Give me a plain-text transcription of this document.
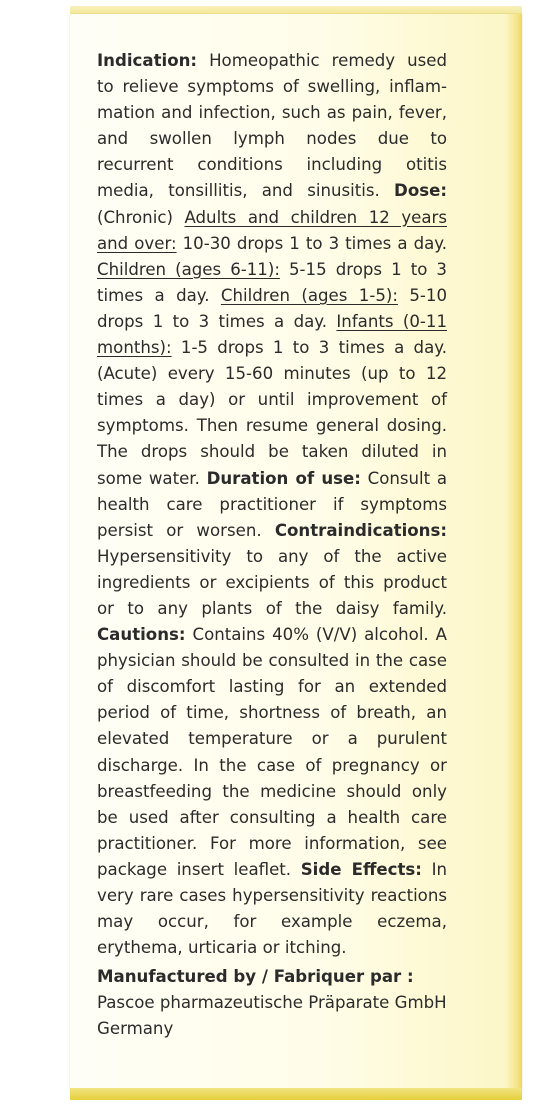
Indication: Homeopathic remedy used to relieve symptoms of swelling, inflammation and infection, such as pain, fever, and swollen lymph nodes due to recurrent conditions including otitis media, tonsillitis, and sinusitis. Dose: (Chronic) Adults and children 12 years and over: 10-30 drops 1 to 3 times a day. Children (ages 6-11): 5-15 drops 1 to 3 times a day. Children (ages 1-5): 5-10 drops 1 to 3 times a day. Infants (0-11 months): 1-5 drops 1 to 3 times a day. (Acute) every 15-60 minutes (up to 12 times a day) or until improvement of symptoms. Then resume general dosing. The drops should be taken diluted in some water. Duration of use: Consult a health care practitioner if symptoms persist or worsen. Contraindications: Hypersensitivity to any of the active ingredients or excipients of this product or to any plants of the daisy family. Cautions: Contains 40% (V/V) alcohol. A physician should be consulted in the case of discomfort lasting for an extended period of time, shortness of breath, an elevated temperature or a purulent discharge. In the case of pregnancy or breastfeeding the medicine should only be used after consulting a health care practitioner. For more information, see package insert leaflet. Side Effects: In very rare cases hypersensitivity reactions may occur, for example eczema, erythema, urticaria or itching.
Manufactured by / Fabriquer par :
Pascoe pharmazeutische Präparate GmbH
Germany
